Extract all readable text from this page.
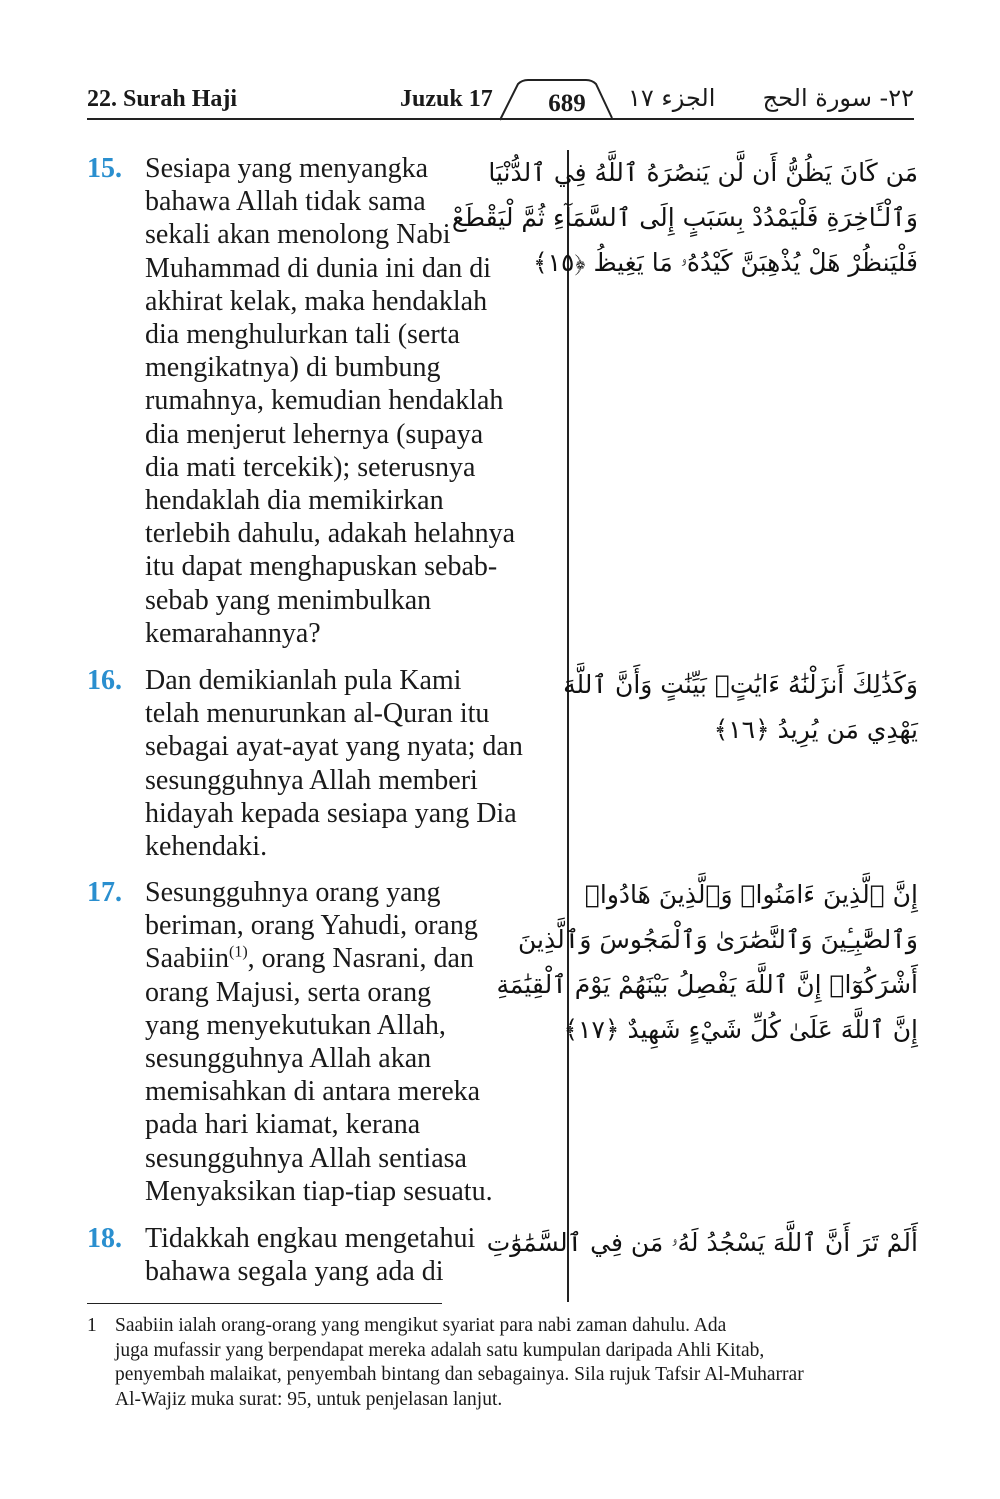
22. Surah Haji	Juzuk 17	689	الجزء ١٧ ٢٢- سورة الحج
15. Sesiapa yang menyangka
bahawa Allah tidak sama
sekali akan menolong Nabi
Muhammad di dunia ini dan di
akhirat kelak, maka hendaklah
dia menghulurkan tali (serta
mengikatnya) di bumbung
rumahnya, kemudian hendaklah
dia menjerut lehernya (supaya
dia mati tercekik); seterusnya
hendaklah dia memikirkan
terlebih dahulu, adakah helahnya
itu dapat menghapuskan sebab-
sebab yang menimbulkan
kemarahannya?
مَن كَانَ يَظُنُّ أَن لَّن يَنصُرَهُ ٱللَّهُ فِي ٱلدُّنْيَا
وَٱلْـَٔاخِرَةِ فَلْيَمْدُدْ بِسَبَبٍ إِلَى ٱلسَّمَآءِ ثُمَّ لْيَقْطَعْ
فَلْيَنظُرْ هَلْ يُذْهِبَنَّ كَيْدُهُۥ مَا يَغِيظُ ﴿١٥﴾
16. Dan demikianlah pula Kami
telah menurunkan al-Quran itu
sebagai ayat-ayat yang nyata; dan
sesungguhnya Allah memberi
hidayah kepada sesiapa yang Dia
kehendaki.
وَكَذَٰلِكَ أَنزَلْنَٰهُ ءَايَٰتٍۭ بَيِّنَٰتٍ وَأَنَّ ٱللَّهَ
يَهْدِي مَن يُرِيدُ ﴿١٦﴾
17. Sesungguhnya orang yang
beriman, orang Yahudi, orang
Saabiin$^{(1)}$, orang Nasrani, dan
orang Majusi, serta orang
yang menyekutukan Allah,
sesungguhnya Allah akan
memisahkan di antara mereka
pada hari kiamat, kerana
sesungguhnya Allah sentiasa
Menyaksikan tiap-tiap sesuatu.
إِنَّ ٱلَّذِينَ ءَامَنُوا۟ وَٱلَّذِينَ هَادُوا۟
وَٱلصَّٰبِـِٔينَ وَٱلنَّصَٰرَىٰ وَٱلْمَجُوسَ وَٱلَّذِينَ
أَشْرَكُوٓا۟ إِنَّ ٱللَّهَ يَفْصِلُ بَيْنَهُمْ يَوْمَ ٱلْقِيَٰمَةِ
إِنَّ ٱللَّهَ عَلَىٰ كُلِّ شَيْءٍ شَهِيدٌ ﴿١٧﴾
18. Tidakkah engkau mengetahui
bahawa segala yang ada di
أَلَمْ تَرَ أَنَّ ٱللَّهَ يَسْجُدُ لَهُۥ مَن فِي ٱلسَّمَٰوَٰتِ
1 Saabiin ialah orang-orang yang mengikut syariat para nabi zaman dahulu. Ada
juga mufassir yang berpendapat mereka adalah satu kumpulan daripada Ahli Kitab,
penyembah malaikat, penyembah bintang dan sebagainya. Sila rujuk Tafsir Al-Muharrar
Al-Wajiz muka surat: 95, untuk penjelasan lanjut.
